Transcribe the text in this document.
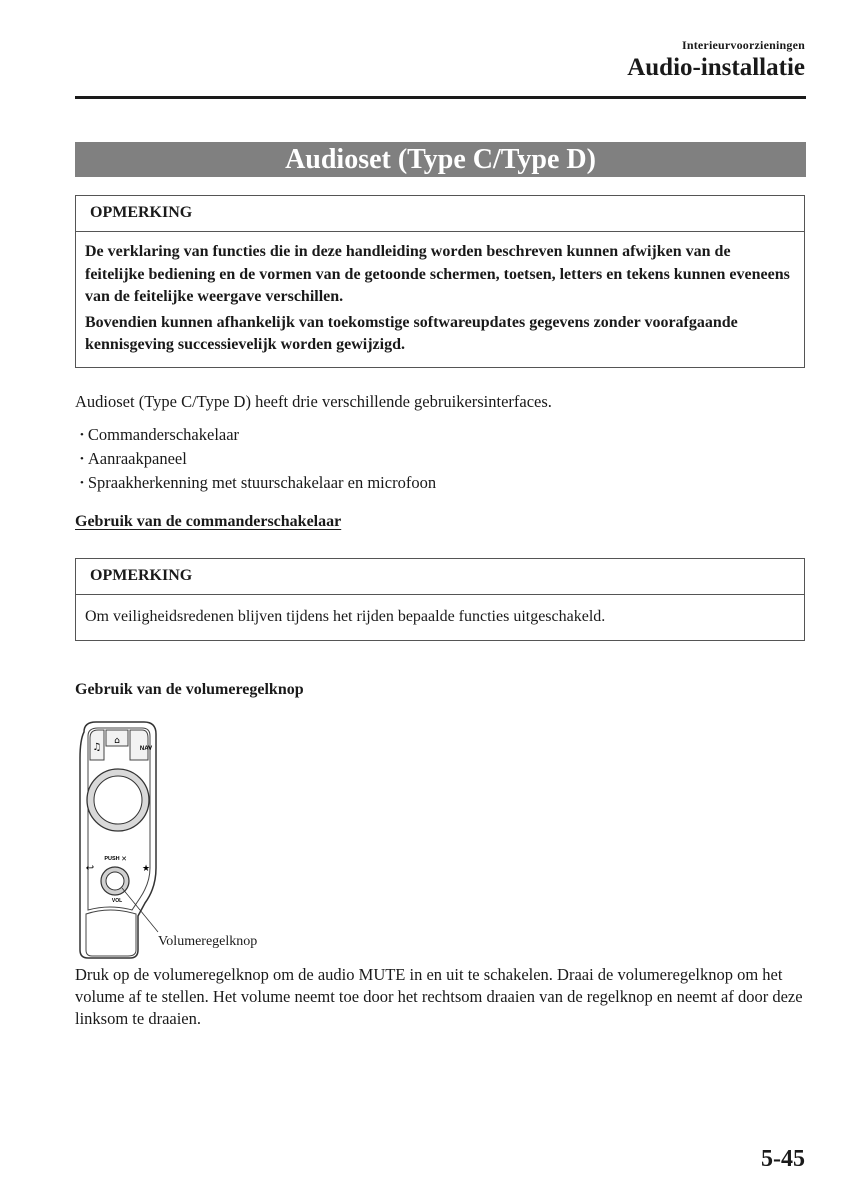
Interieurvoorzieningen
Audio-installatie
Audioset (Type C/Type D)
OPMERKING

De verklaring van functies die in deze handleiding worden beschreven kunnen afwijken van de feitelijke bediening en de vormen van de getoonde schermen, toetsen, letters en tekens kunnen eveneens van de feitelijke weergave verschillen.

Bovendien kunnen afhankelijk van toekomstige softwareupdates gegevens zonder voorafgaande kennisgeving successievelijk worden gewijzigd.

Audioset (Type C/Type D) heeft drie verschillende gebruikersinterfaces.
• Commanderschakelaar
• Aanraakpaneel
• Spraakherkenning met stuurschakelaar en microfoon
Gebruik van de commanderschakelaar
OPMERKING

Om veiligheidsredenen blijven tijdens het rijden bepaalde functies uitgeschakeld.

Gebruik van de volumeregelknop
♫
⌂
NAV
↩	★
PUSH ✕
VOL
Volumeregelknop
Druk op de volumeregelknop om de audio MUTE in en uit te schakelen. Draai de volumeregelknop om het volume af te stellen. Het volume neemt toe door het rechtsom draaien van de regelknop en neemt af door deze linksom te draaien.
5-45
